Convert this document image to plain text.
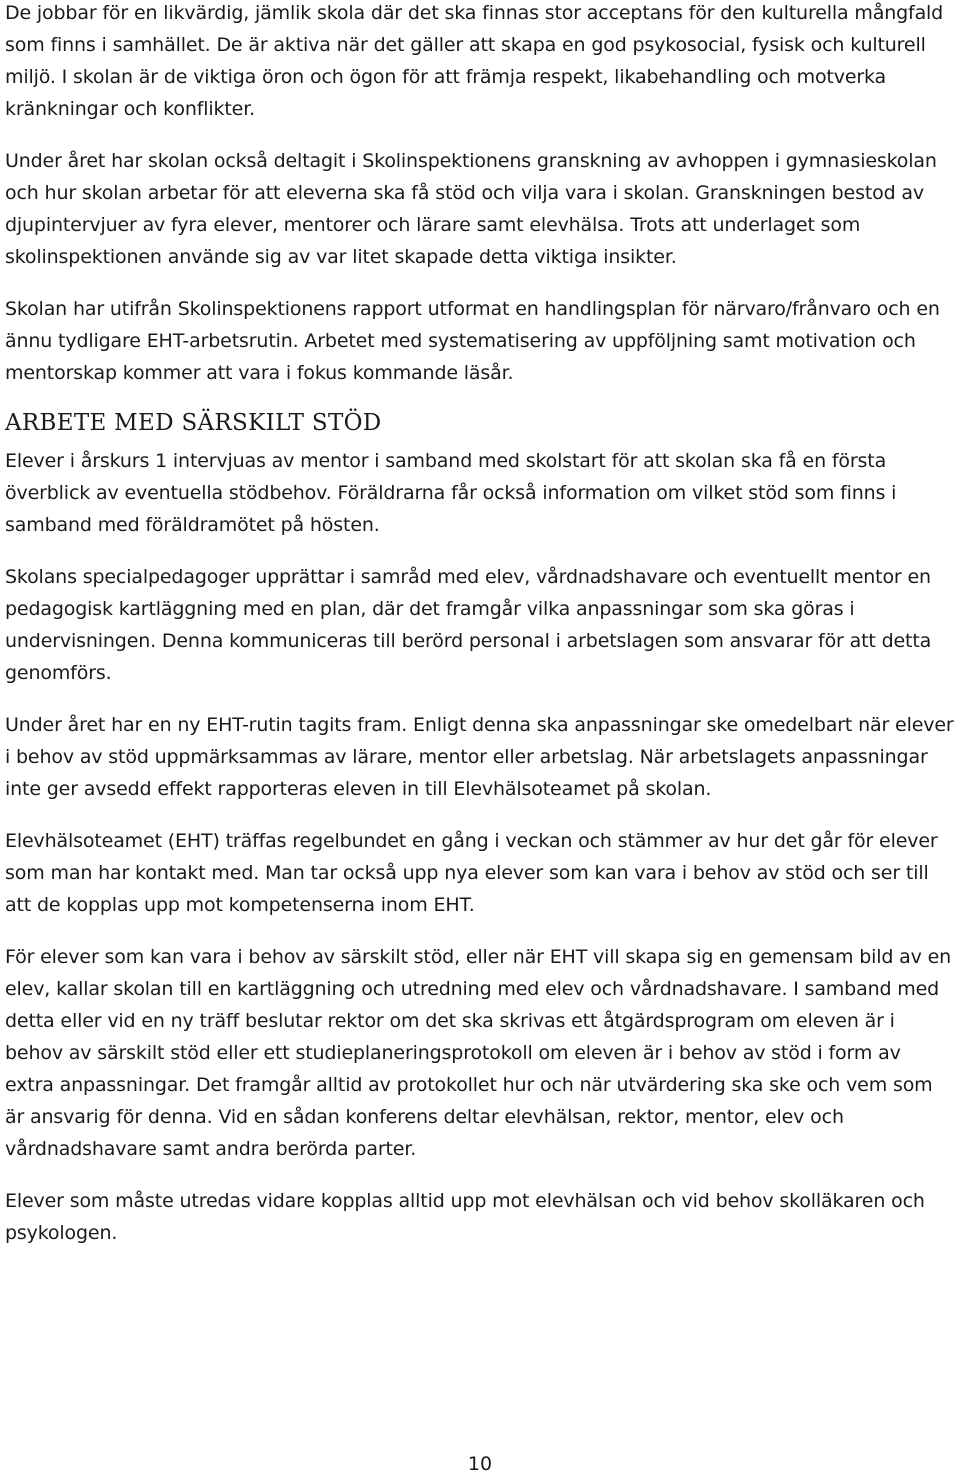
De jobbar för en likvärdig, jämlik skola där det ska finnas stor acceptans för den kulturella mångfald som finns i samhället. De är aktiva när det gäller att skapa en god psykosocial, fysisk och kulturell miljö. I skolan är de viktiga öron och ögon för att främja respekt, likabehandling och motverka kränkningar och konflikter.

Under året har skolan också deltagit i Skolinspektionens granskning av avhoppen i gymnasieskolan och hur skolan arbetar för att eleverna ska få stöd och vilja vara i skolan. Granskningen bestod av djupintervjuer av fyra elever, mentorer och lärare samt elevhälsa. Trots att underlaget som skolinspektionen använde sig av var litet skapade detta viktiga insikter.

Skolan har utifrån Skolinspektionens rapport utformat en handlingsplan för närvaro/frånvaro och en ännu tydligare EHT-arbetsrutin. Arbetet med systematisering av uppföljning samt motivation och mentorskap kommer att vara i fokus kommande läsår.

ARBETE MED SÄRSKILT STÖD

Elever i årskurs 1 intervjuas av mentor i samband med skolstart för att skolan ska få en första överblick av eventuella stödbehov. Föräldrarna får också information om vilket stöd som finns i samband med föräldramötet på hösten.

Skolans specialpedagoger upprättar i samråd med elev, vårdnadshavare och eventuellt mentor en pedagogisk kartläggning med en plan, där det framgår vilka anpassningar som ska göras i undervisningen. Denna kommuniceras till berörd personal i arbetslagen som ansvarar för att detta genomförs.

Under året har en ny EHT-rutin tagits fram. Enligt denna ska anpassningar ske omedelbart när elever i behov av stöd uppmärksammas av lärare, mentor eller arbetslag. När arbetslagets anpassningar inte ger avsedd effekt rapporteras eleven in till Elevhälsoteamet på skolan.

Elevhälsoteamet (EHT) träffas regelbundet en gång i veckan och stämmer av hur det går för elever som man har kontakt med. Man tar också upp nya elever som kan vara i behov av stöd och ser till att de kopplas upp mot kompetenserna inom EHT.

För elever som kan vara i behov av särskilt stöd, eller när EHT vill skapa sig en gemensam bild av en elev, kallar skolan till en kartläggning och utredning med elev och vårdnadshavare. I samband med detta eller vid en ny träff beslutar rektor om det ska skrivas ett åtgärdsprogram om eleven är i behov av särskilt stöd eller ett studieplaneringsprotokoll om eleven är i behov av stöd i form av extra anpassningar. Det framgår alltid av protokollet hur och när utvärdering ska ske och vem som är ansvarig för denna. Vid en sådan konferens deltar elevhälsan, rektor, mentor, elev och vårdnadshavare samt andra berörda parter.

Elever som måste utredas vidare kopplas alltid upp mot elevhälsan och vid behov skolläkaren och psykologen.

10
